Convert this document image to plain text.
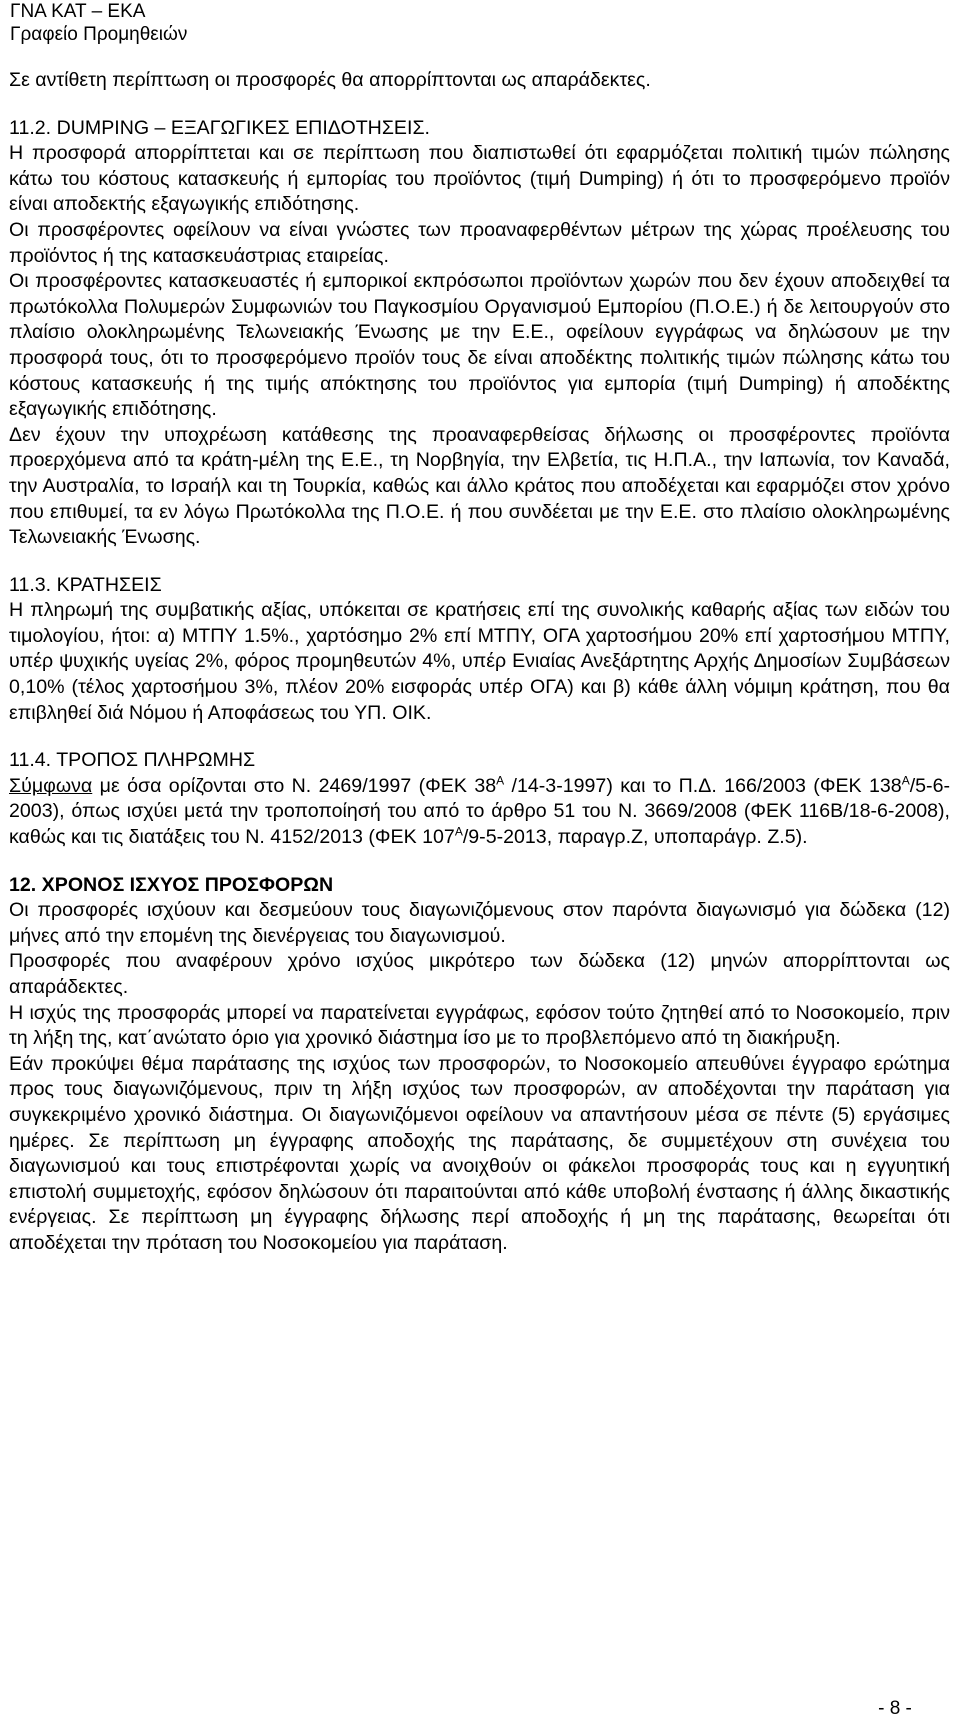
ΓΝΑ ΚΑΤ – ΕΚΑ
Γραφείο Προμηθειών

Σε αντίθετη περίπτωση οι προσφορές θα απορρίπτονται ως απαράδεκτες.

11.2. DUMPING – ΕΞΑΓΩΓΙΚΕΣ ΕΠΙΔΟΤΗΣΕΙΣ.

Η προσφορά απορρίπτεται και σε περίπτωση που διαπιστωθεί ότι εφαρμόζεται πολιτική τιμών πώλησης κάτω του κόστους κατασκευής ή εμπορίας του προϊόντος (τιμή Dumping) ή ότι το προσφερόμενο προϊόν είναι αποδεκτής εξαγωγικής επιδότησης.

Οι προσφέροντες οφείλουν να είναι γνώστες των προαναφερθέντων μέτρων της χώρας προέλευσης του προϊόντος ή της κατασκευάστριας εταιρείας.

Οι προσφέροντες κατασκευαστές ή εμπορικοί εκπρόσωποι προϊόντων χωρών που δεν έχουν αποδειχθεί τα πρωτόκολλα Πολυμερών Συμφωνιών του Παγκοσμίου Οργανισμού Εμπορίου (Π.Ο.Ε.) ή δε λειτουργούν στο πλαίσιο ολοκληρωμένης Τελωνειακής Ένωσης με την Ε.Ε., οφείλουν εγγράφως να δηλώσουν με την προσφορά τους, ότι το προσφερόμενο προϊόν τους δε είναι αποδέκτης πολιτικής τιμών πώλησης κάτω του κόστους κατασκευής ή της τιμής απόκτησης του προϊόντος για εμπορία (τιμή Dumping) ή αποδέκτης εξαγωγικής επιδότησης.

Δεν έχουν την υποχρέωση κατάθεσης της προαναφερθείσας δήλωσης οι προσφέροντες προϊόντα προερχόμενα από τα κράτη-μέλη της Ε.Ε., τη Νορβηγία, την Ελβετία, τις Η.Π.Α., την Ιαπωνία, τον Καναδά, την Αυστραλία, το Ισραήλ και τη Τουρκία, καθώς και άλλο κράτος που αποδέχεται και εφαρμόζει στον χρόνο που επιθυμεί, τα εν λόγω Πρωτόκολλα της Π.Ο.Ε. ή που συνδέεται με την Ε.Ε. στο πλαίσιο ολοκληρωμένης Τελωνειακής Ένωσης.

11.3. ΚΡΑΤΗΣΕΙΣ

Η πληρωμή της συμβατικής αξίας, υπόκειται σε κρατήσεις επί της συνολικής καθαρής αξίας των ειδών του τιμολογίου, ήτοι: α) ΜΤΠΥ 1.5%., χαρτόσημο 2% επί ΜΤΠΥ, ΟΓΑ χαρτοσήμου 20% επί χαρτοσήμου ΜΤΠΥ, υπέρ ψυχικής υγείας 2%, φόρος προμηθευτών 4%, υπέρ Ενιαίας Ανεξάρτητης Αρχής Δημοσίων Συμβάσεων 0,10% (τέλος χαρτοσήμου 3%, πλέον 20% εισφοράς υπέρ ΟΓΑ) και β) κάθε άλλη νόμιμη κράτηση, που θα επιβληθεί διά Νόμου ή Αποφάσεως του ΥΠ. ΟΙΚ.

11.4. ΤΡΟΠΟΣ ΠΛΗΡΩΜΗΣ

Σύμφωνα με όσα ορίζονται στο Ν. 2469/1997 (ΦΕΚ $38^A$ /14-3-1997) και το Π.Δ. 166/2003 (ΦΕΚ $138^A/5-6-2003$), όπως ισχύει μετά την τροποποίησή του από το άρθρο 51 του Ν. 3669/2008 (ΦΕΚ 116Β/18-6-2008), καθώς και τις διατάξεις του Ν. 4152/2013 (ΦΕΚ $107^A/9-5-2013$, παραγρ.Ζ, υποπαράγρ. Ζ.5).

12. ΧΡΟΝΟΣ ΙΣΧΥΟΣ ΠΡΟΣΦΟΡΩΝ

Οι προσφορές ισχύουν και δεσμεύουν τους διαγωνιζόμενους στον παρόντα διαγωνισμό για δώδεκα (12) μήνες από την επομένη της διενέργειας του διαγωνισμού.

Προσφορές που αναφέρουν χρόνο ισχύος μικρότερο των δώδεκα (12) μηνών απορρίπτονται ως απαράδεκτες.

Η ισχύς της προσφοράς μπορεί να παρατείνεται εγγράφως, εφόσον τούτο ζητηθεί από το Νοσοκομείο, πριν τη λήξη της, κατ΄ανώτατο όριο για χρονικό διάστημα ίσο με το προβλεπόμενο από τη διακήρυξη.

Εάν προκύψει θέμα παράτασης της ισχύος των προσφορών, το Νοσοκομείο απευθύνει έγγραφο ερώτημα προς τους διαγωνιζόμενους, πριν τη λήξη ισχύος των προσφορών, αν αποδέχονται την παράταση για συγκεκριμένο χρονικό διάστημα. Οι διαγωνιζόμενοι οφείλουν να απαντήσουν μέσα σε πέντε (5) εργάσιμες ημέρες. Σε περίπτωση μη έγγραφης αποδοχής της παράτασης, δε συμμετέχουν στη συνέχεια του διαγωνισμού και τους επιστρέφονται χωρίς να ανοιχθούν οι φάκελοι προσφοράς τους και η εγγυητική επιστολή συμμετοχής, εφόσον δηλώσουν ότι παραιτούνται από κάθε υποβολή ένστασης ή άλλης δικαστικής ενέργειας. Σε περίπτωση μη έγγραφης δήλωσης περί αποδοχής ή μη της παράτασης, θεωρείται ότι αποδέχεται την πρόταση του Νοσοκομείου για παράταση.

- 8 -
